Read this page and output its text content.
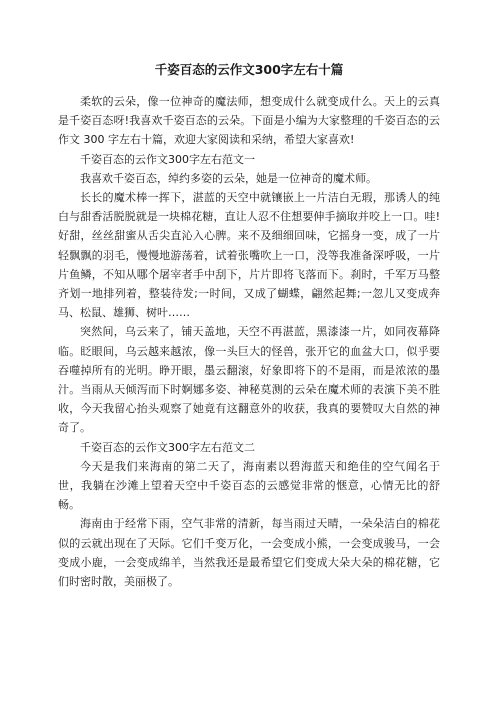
千姿百态的云作文300字左右十篇

柔软的云朵，像一位神奇的魔法师，想变成什么就变成什么。天上的云真是千姿百态呀!我喜欢千姿百态的云朵。下面是小编为大家整理的千姿百态的云作文 300 字左右十篇，欢迎大家阅读和采纳，希望大家喜欢!

千姿百态的云作文300字左右范文一

我喜欢千姿百态，绰约多姿的云朵，她是一位神奇的魔术师。

长长的魔术棒一挥下，湛蓝的天空中就镶嵌上一片洁白无瑕，那诱人的纯白与甜香活脱脱就是一块棉花糖，直让人忍不住想要伸手摘取并咬上一口。哇!好甜，丝丝甜蜜从舌尖直沁入心脾。来不及细细回味，它摇身一变，成了一片轻飘飘的羽毛，慢慢地游荡着，试着张嘴吹上一口，没等我准备深呼吸，一片片鱼鳞，不知从哪个屠宰者手中刮下，片片即将飞落而下。刹时，千军万马整齐划一地排列着，整装待发;一时间，又成了蝴蝶，翩然起舞;一忽儿又变成奔马、松鼠、雄狮、树叶……

突然间，乌云来了，铺天盖地，天空不再湛蓝，黑漆漆一片，如同夜幕降临。眨眼间，乌云越来越浓，像一头巨大的怪兽，张开它的血盆大口，似乎要吞噬掉所有的光明。睁开眼，墨云翻滚，好象即将下的不是雨，而是浓浓的墨汁。当雨从天倾泻而下时婀娜多姿、神秘莫测的云朵在魔术师的表演下美不胜收，今天我留心抬头观察了她竟有这翻意外的收获，我真的要赞叹大自然的神奇了。

千姿百态的云作文300字左右范文二

今天是我们来海南的第二天了，海南素以碧海蓝天和绝佳的空气闻名于世，我躺在沙滩上望着天空中千姿百态的云感觉非常的惬意，心情无比的舒畅。

海南由于经常下雨，空气非常的清新，每当雨过天晴，一朵朵洁白的棉花似的云就出现在了天际。它们千变万化，一会变成小熊，一会变成骏马，一会变成小鹿，一会变成绵羊，当然我还是最希望它们变成大朵大朵的棉花糖，它们时密时散，美丽极了。
